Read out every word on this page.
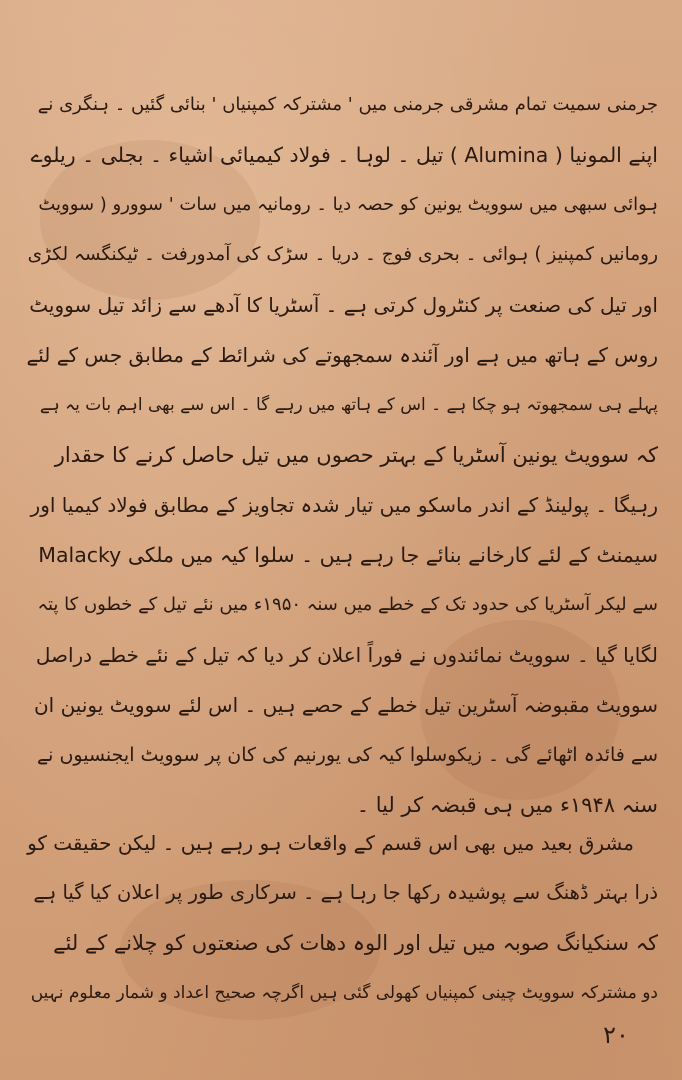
جرمنی سمیت تمام مشرقی جرمنی میں ' مشترکہ کمپنیاں ' بنائی گئیں ۔ ہنگری نے
اپنے المونیا ( Alumina ) تیل ۔ لوہا ۔ فولاد کیمیائی اشیاء ۔ بجلی ۔ ریلوے
ہوائی سبھی میں سوویٹ یونین کو حصہ دیا ۔ رومانیہ میں سات ' سوورو ( سوویٹ
رومانیں کمپنیز ) ہوائی ۔ بحری فوج ۔ دریا ۔ سڑک کی آمدورفت ۔ ٹیکنگسہ لکڑی
اور تیل کی صنعت پر کنٹرول کرتی ہے ۔ آسٹریا کا آدھے سے زائد تیل سوویٹ
روس کے ہاتھ میں ہے اور آئندہ سمجھوتے کی شرائط کے مطابق جس کے لئے
پہلے ہی سمجھوتہ ہو چکا ہے ۔ اس کے ہاتھ میں رہے گا ۔ اس سے بھی اہم بات یہ ہے
کہ سوویٹ یونین آسٹریا کے بہتر حصوں میں تیل حاصل کرنے کا حقدار
رہیگا ۔ پولینڈ کے اندر ماسکو میں تیار شدہ تجاویز کے مطابق فولاد کیمیا اور
سیمنٹ کے لئے کارخانے بنائے جا رہے ہیں ۔ سلوا کیہ میں ملکی Malacky
سے لیکر آسٹریا کی حدود تک کے خطے میں سنہ ۱۹۵۰ء میں نئے تیل کے خطوں کا پتہ
لگایا گیا ۔ سوویٹ نمائندوں نے فوراً اعلان کر دیا کہ تیل کے نئے خطے دراصل
سوویٹ مقبوضہ آسٹرین تیل خطے کے حصے ہیں ۔ اس لئے سوویٹ یونین ان
سے فائدہ اٹھائے گی ۔ زیکوسلوا کیہ کی یورنیم کی کان پر سوویٹ ایجنسیوں نے
سنہ ۱۹۴۸ء میں ہی قبضہ کر لیا ۔
مشرق بعید میں بھی اس قسم کے واقعات ہو رہے ہیں ۔ لیکن حقیقت کو
ذرا بہتر ڈھنگ سے پوشیدہ رکھا جا رہا ہے ۔ سرکاری طور پر اعلان کیا گیا ہے
کہ سنکیانگ صوبہ میں تیل اور الوہ دھات کی صنعتوں کو چلانے کے لئے
دو مشترکہ سوویٹ چینی کمپنیاں کھولی گئی ہیں اگرچہ صحیح اعداد و شمار معلوم نہیں
۲۰
